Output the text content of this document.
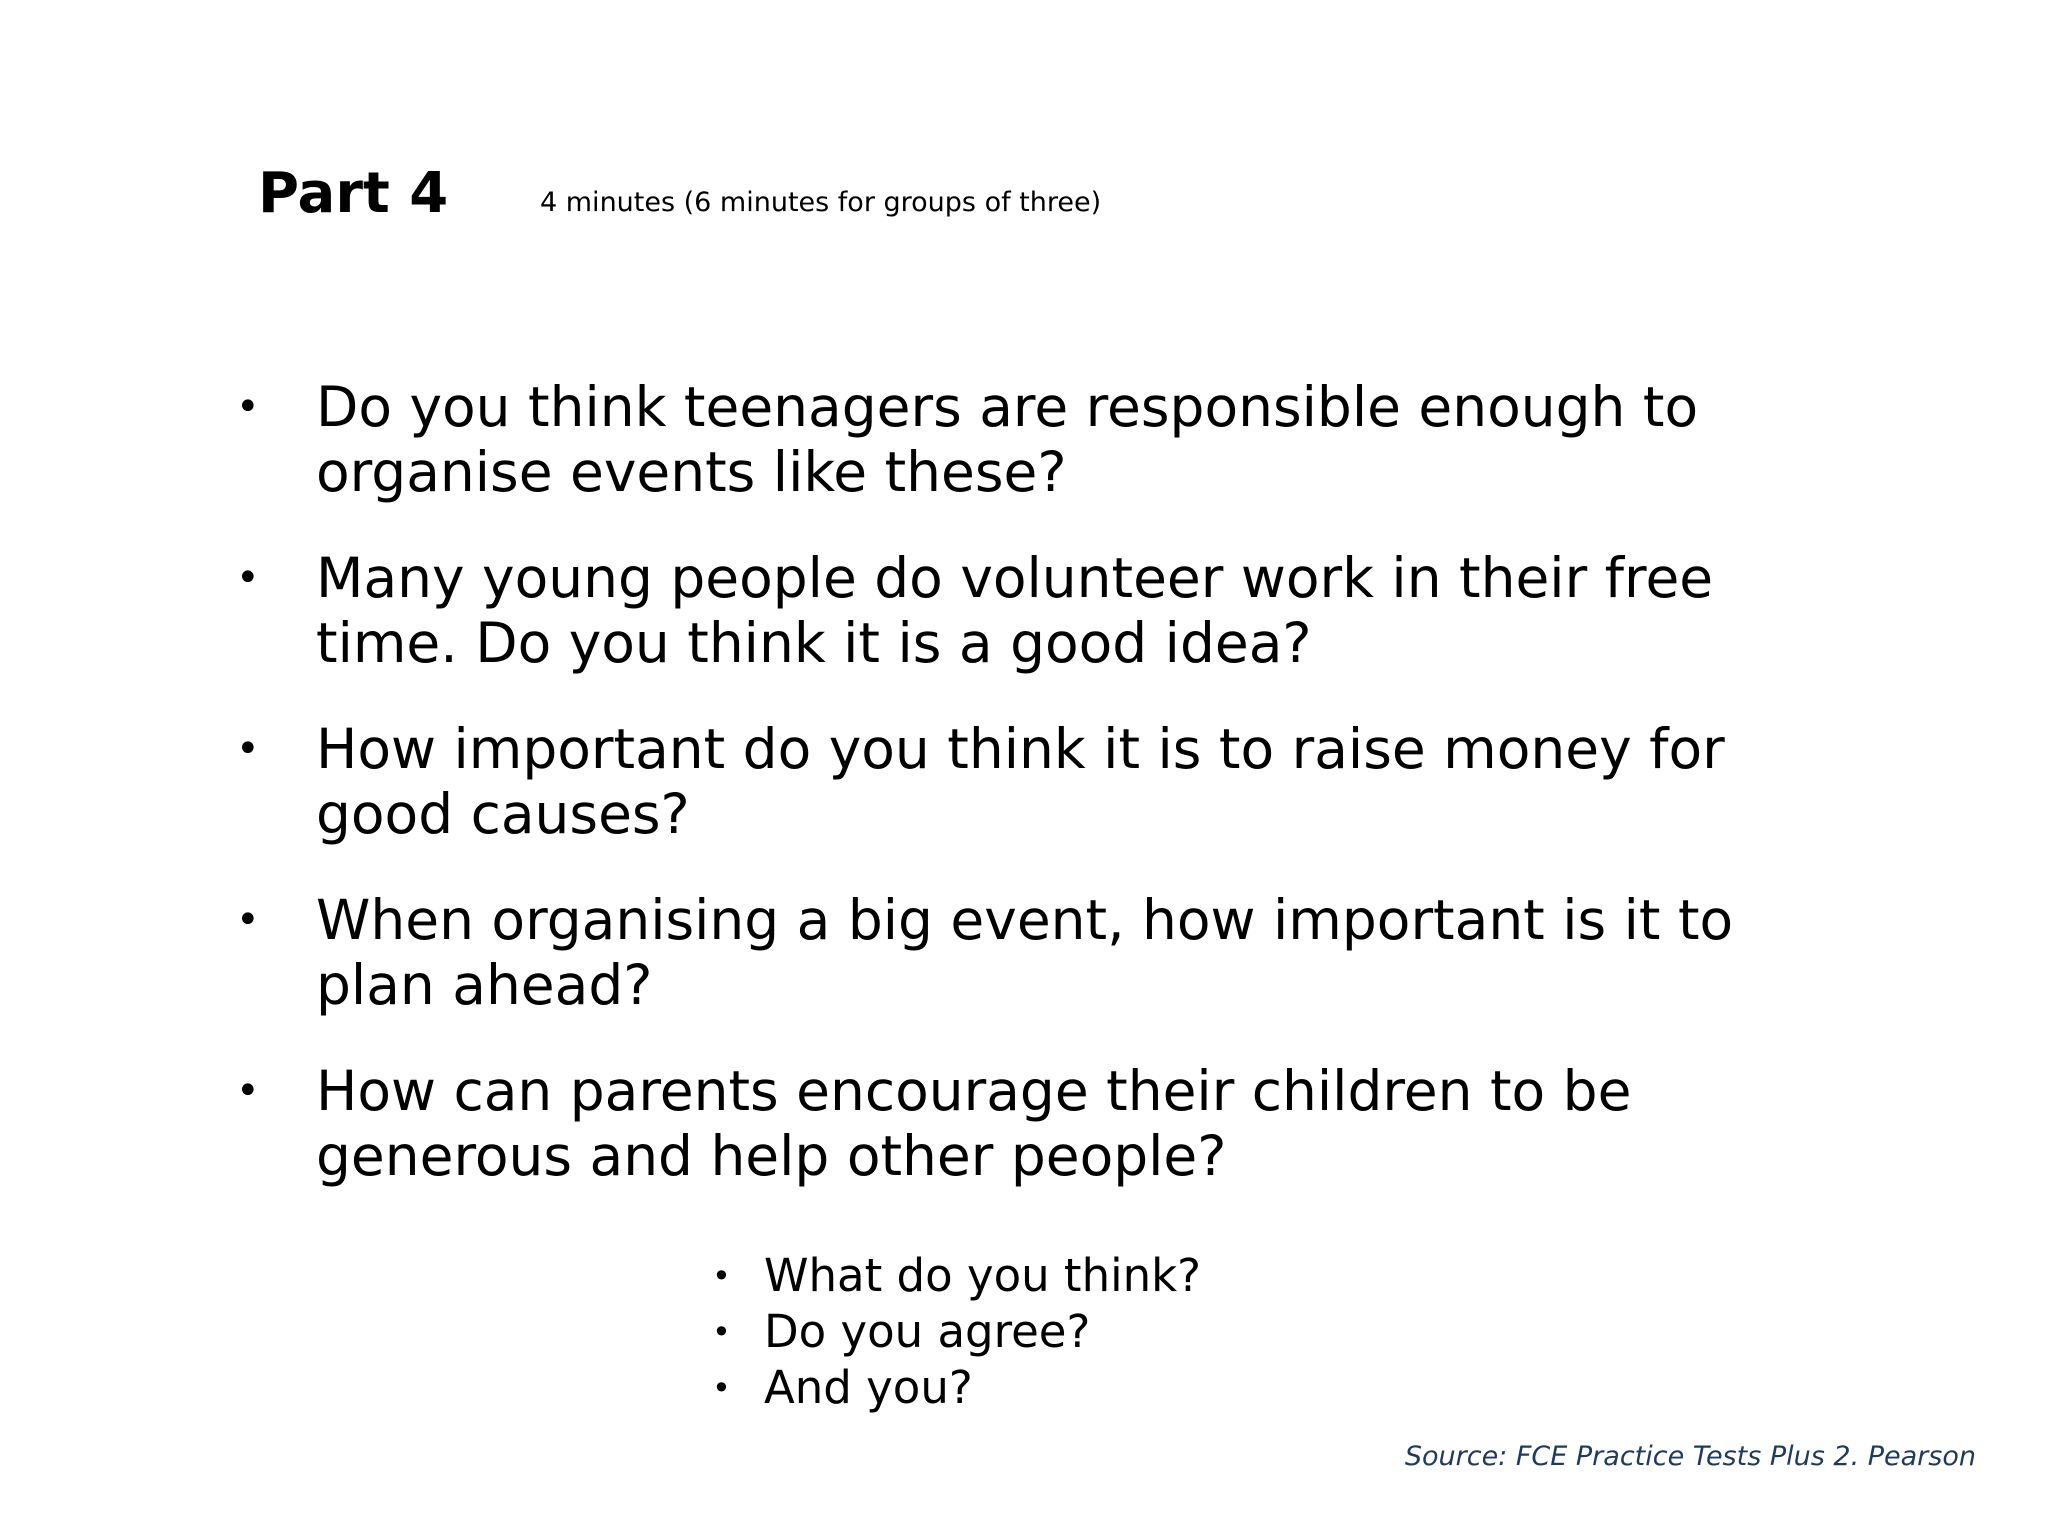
Part 4	4 minutes (6 minutes for groups of three)
• Do you think teenagers are responsible enough to organise events like these?
• Many young people do volunteer work in their free time. Do you think it is a good idea?
• How important do you think it is to raise money for good causes?
• When organising a big event, how important is it to plan ahead?
• How can parents encourage their children to be generous and help other people?
• What do you think?
• Do you agree?
• And you?
Source: FCE Practice Tests Plus 2. Pearson
